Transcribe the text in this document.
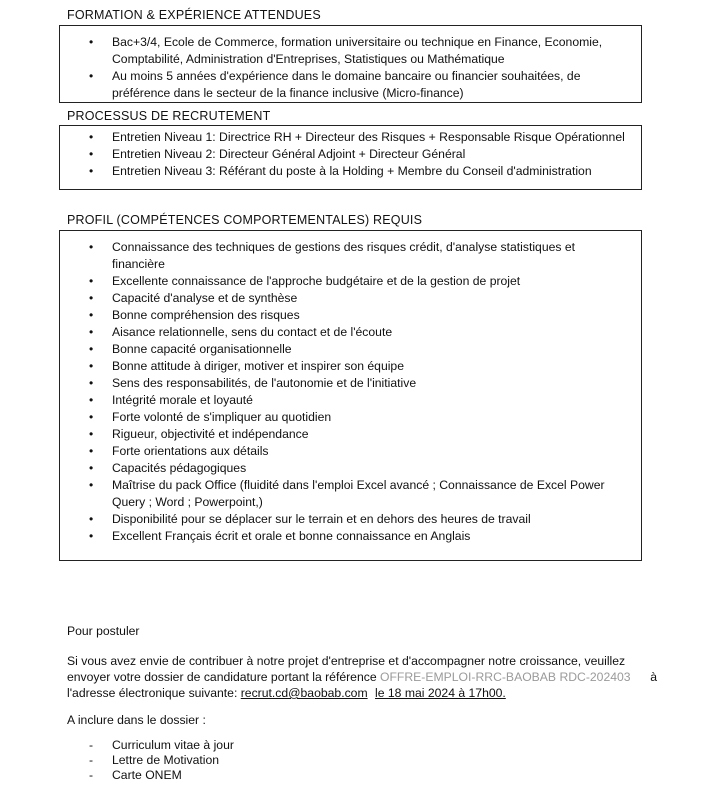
FORMATION & EXPÉRIENCE ATTENDUES
• Bac+3/4, Ecole de Commerce, formation universitaire ou technique en Finance, Economie, Comptabilité, Administration d'Entreprises, Statistiques ou Mathématique
• Au moins 5 années d'expérience dans le domaine bancaire ou financier souhaitées, de préférence dans le secteur de la finance inclusive (Micro-finance)
PROCESSUS DE RECRUTEMENT
• Entretien Niveau 1: Directrice RH + Directeur des Risques + Responsable Risque Opérationnel
• Entretien Niveau 2: Directeur Général Adjoint + Directeur Général
• Entretien Niveau 3: Référant du poste à la Holding + Membre du Conseil d'administration
PROFIL (COMPÉTENCES COMPORTEMENTALES) REQUIS
• Connaissance des techniques de gestions des risques crédit, d'analyse statistiques et financière
• Excellente connaissance de l'approche budgétaire et de la gestion de projet
• Capacité d'analyse et de synthèse
• Bonne compréhension des risques
• Aisance relationnelle, sens du contact et de l'écoute
• Bonne capacité organisationnelle
• Bonne attitude à diriger, motiver et inspirer son équipe
• Sens des responsabilités, de l'autonomie et de l'initiative
• Intégrité morale et loyauté
• Forte volonté de s'impliquer au quotidien
• Rigueur, objectivité et indépendance
• Forte orientations aux détails
• Capacités pédagogiques
• Maîtrise du pack Office (fluidité dans l'emploi Excel avancé ; Connaissance de Excel Power Query ; Word ; Powerpoint,)
• Disponibilité pour se déplacer sur le terrain et en dehors des heures de travail
• Excellent Français écrit et orale et bonne connaissance en Anglais
Pour postuler
Si vous avez envie de contribuer à notre projet d'entreprise et d'accompagner notre croissance, veuillez
envoyer votre dossier de candidature portant la référence OFFRE-EMPLOI-RRC-BAOBAB RDC-202403 à
l'adresse électronique suivante: recrut.cd@baobab.com le 18 mai 2024 à 17h00.
A inclure dans le dossier :
- Curriculum vitae à jour
- Lettre de Motivation
- Carte ONEM
